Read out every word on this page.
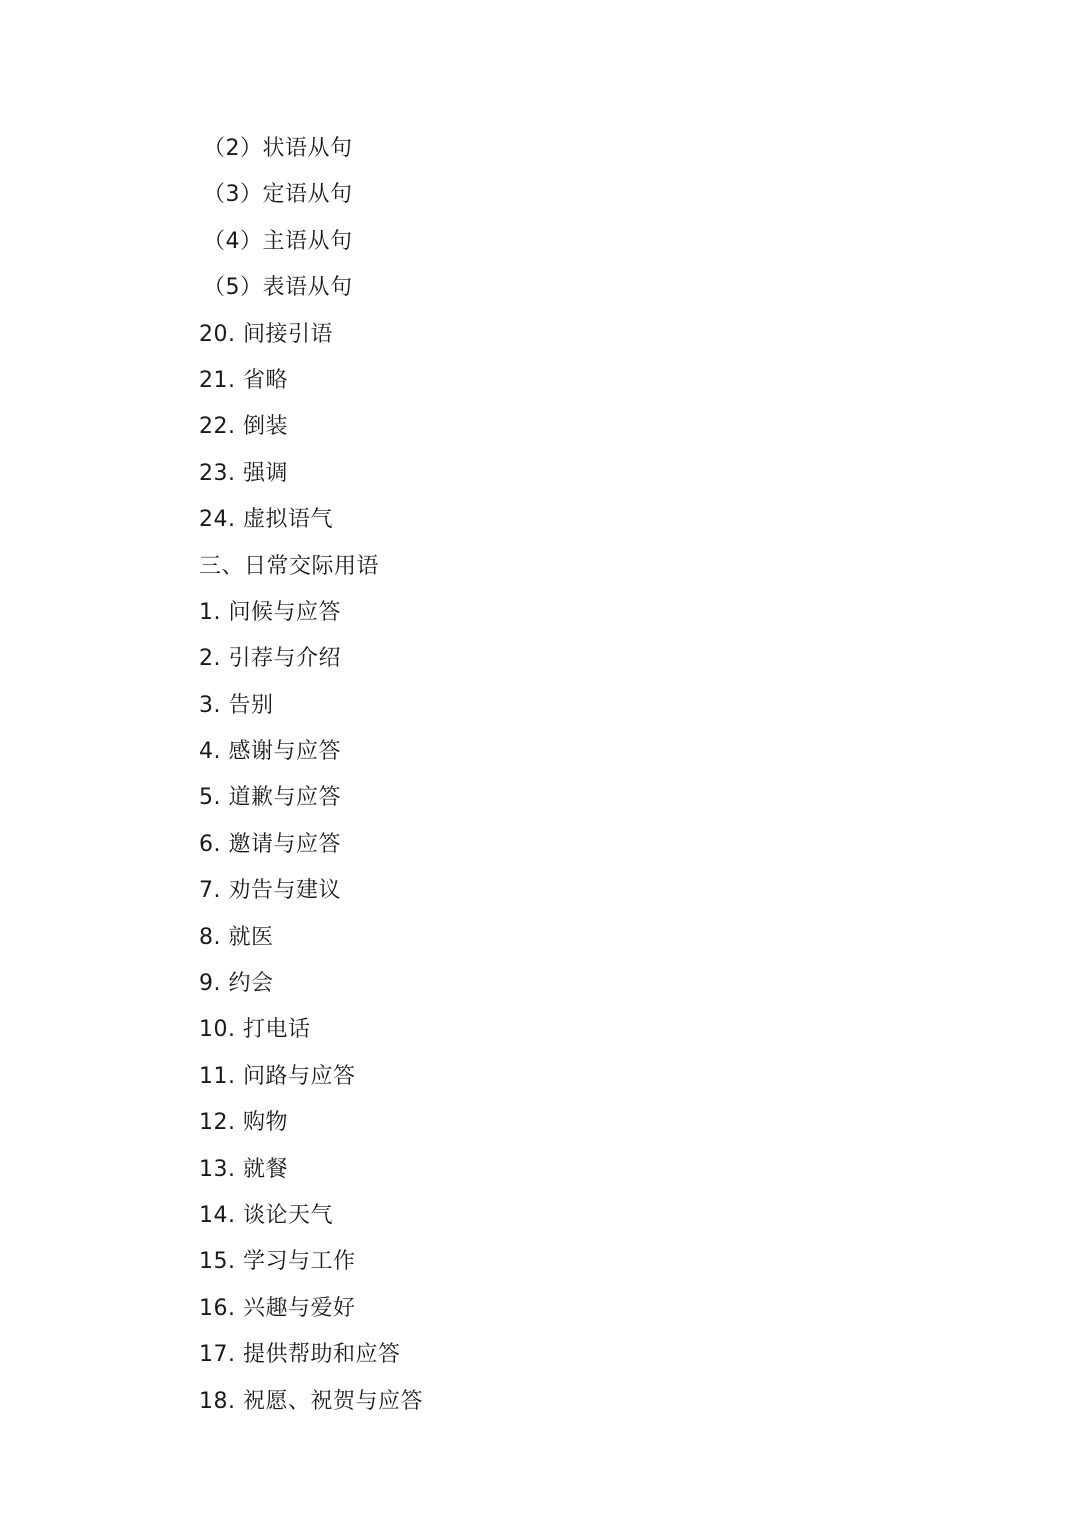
（2）状语从句
（3）定语从句
（4）主语从句
（5）表语从句
20. 间接引语
21. 省略
22. 倒装
23. 强调
24. 虚拟语气
三、日常交际用语
1. 问候与应答
2. 引荐与介绍
3. 告别
4. 感谢与应答
5. 道歉与应答
6. 邀请与应答
7. 劝告与建议
8. 就医
9. 约会
10. 打电话
11. 问路与应答
12. 购物
13. 就餐
14. 谈论天气
15. 学习与工作
16. 兴趣与爱好
17. 提供帮助和应答
18. 祝愿、祝贺与应答
